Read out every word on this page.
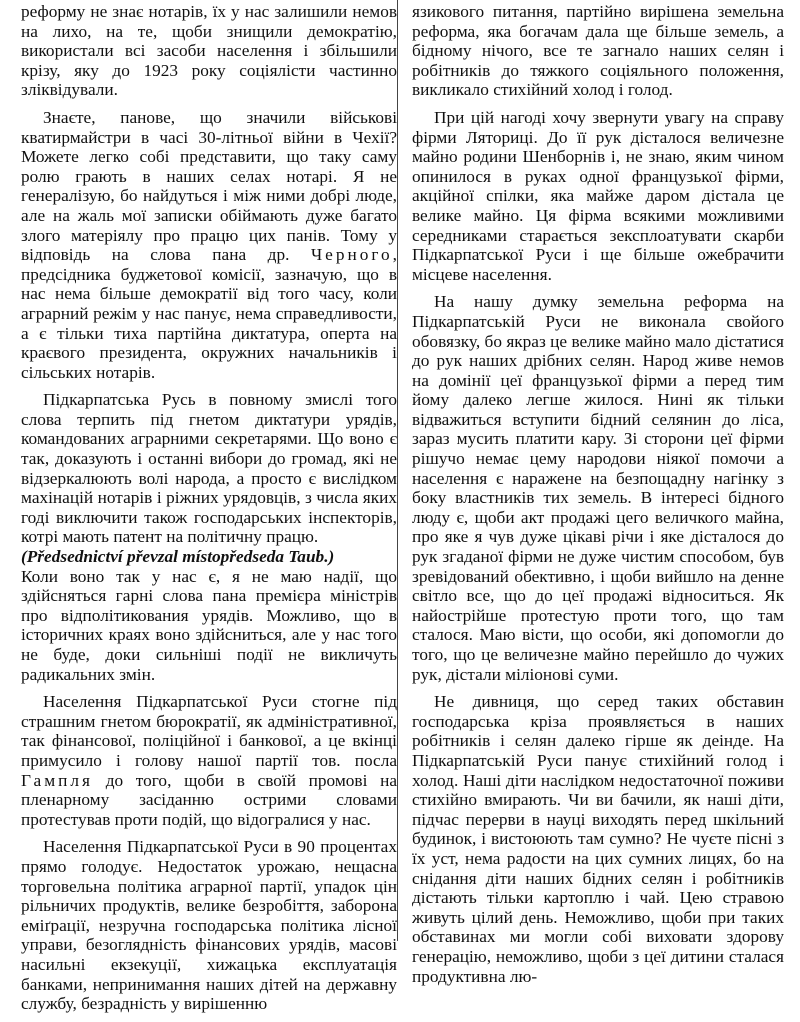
реформу не знає нотарів, їх у нас залишили немов на лихо, на те, щоби знищили демократію, використали всі засоби населення і збільшили крізу, яку до 1923 року соціялісти частинно зліквідували.

Знаєте, панове, що значили військові кватирмайстри в часі 30-літньої війни в Чехії? Можете легко собі представити, що таку саму ролю грають в наших селах нотарі. Я не генералізую, бо найдуться і між ними добрі люде, але на жаль мої записки обіймають дуже багато злого матеріялу про працю цих панів. Тому у відповідь на слова пана др. Черного, предсідника буджетової комісії, зазначую, що в нас нема більше демократії від того часу, коли аграрний режім у нас панує, нема справедливости, а є тільки тиха партійна диктатура, оперта на краєвого президента, окружних начальників і сільських нотарів.

Підкарпатська Русь в повному змислі того слова терпить під гнетом диктатури урядів, командованих аграрними секретарями. Що воно є так, доказують і останні вибори до громад, які не відзеркалюють волі народа, а просто є вислідком махінацій нотарів і ріжних урядовців, з числа яких годі виключити також господарських інспекторів, котрі мають патент на політичну працю.

(Předsednictví převzal místopředseda Taub.)

Коли воно так у нас є, я не маю надії, що здійсняться гарні слова пана премієра міністрів про відполітикования урядів. Можливо, що в історичних краях воно здійсниться, але у нас того не буде, доки сильніші події не викличуть радикальних змін.

Населення Підкарпатської Руси стогне під страшним гнетом бюрократії, як адміністративної, так фінансової, поліційної і банкової, а це вкінці примусило і голову нашої партії тов. посла Гампля до того, щоби в своїй промові на пленарному засіданню острими словами протестував проти подій, що відогралися у нас.

Населення Підкарпатської Руси в 90 процентах прямо голодує. Недостаток урожаю, нещасна торговельна політика аграрної партії, упадок цін рільничих продуктів, велике безробіття, заборона еміґрації, незручна господарська політика лісної управи, безоглядність фінансових урядів, масові насильні екзекуції, хижацька експлуатація банками, непринимання наших дітей на державну службу, безрадність у вирішенню

язикового питання, партійно вирішена земельна реформа, яка богачам дала ще більше земель, а бідному нічого, все те загнало наших селян і робітників до тяжкого соціяльного положення, викликало стихійний холод і голод.

При цій нагоді хочу звернути увагу на справу фірми Ляториці. До її рук дісталося величезне майно родини Шенборнів і, не знаю, яким чином опинилося в руках одної французької фірми, акційної спілки, яка майже даром дістала це велике майно. Ця фірма всякими можливими середниками старається зексплоатувати скарби Підкарпатської Руси і ще більше ожебрачити місцеве населення.

На нашу думку земельна реформа на Підкарпатській Руси не виконала свойого обовязку, бо якраз це велике майно мало дістатися до рук наших дрібних селян. Народ живе немов на домінії цеї французької фірми а перед тим йому далеко легше жилося. Нині як тільки відважиться вступити бідний селянин до ліса, зараз мусить платити кару. Зі сторони цеї фірми рішучо немає цему народови ніякої помочи а населення є наражене на безпощадну нагінку з боку властників тих земель. В інтересі бідного люду є, щоби акт продажі цего величкого майна, про яке я чув дуже цікаві річи і яке дісталося до рук згаданої фірми не дуже чистим способом, був зревідований обективно, і щоби вийшло на денне світло все, що до цеї продажі відноситься. Як найострійше протестую проти того, що там сталося. Маю вісти, що особи, які допомогли до того, що це величезне майно перейшло до чужих рук, дістали міліонові суми.

Не дивниця, що серед таких обставин господарська кріза проявляється в наших робітників і селян далеко гірше як деінде. На Підкарпатській Руси панує стихійний голод і холод. Наші діти наслідком недостаточної поживи стихійно вмирають. Чи ви бачили, як наші діти, підчас перерви в науці виходять перед шкільний будинок, і вистоюють там сумно? Не чуєте пісні з їх уст, нема радости на цих сумних лицях, бо на снідання діти наших бідних селян і робітників дістають тільки картоплю і чай. Цею стравою живуть цілий день. Неможливо, щоби при таких обставинах ми могли собі виховати здорову генерацію, неможливо, щоби з цеї дитини сталася продуктивна лю-
